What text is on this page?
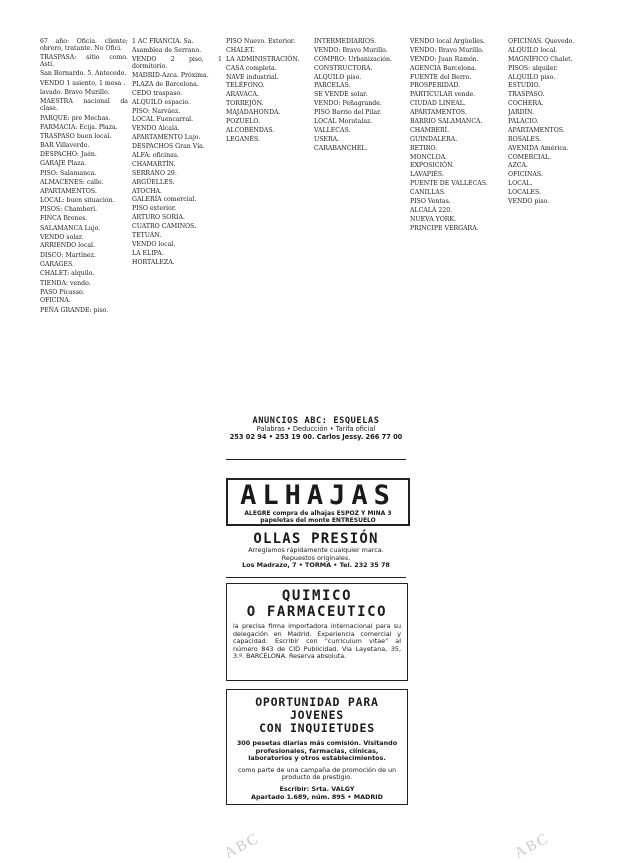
67 año: Oficia. cliente; obrero, tratante. No Ofici.

TRASPASA: sitio como. Asti.

San Bernardo. 5. Antecede.

VENDO 1 asiento, 1 mesa .

lavado. Bravo Murillo.

MAESTRA nacional da clase.

PARQUE: pre Mechas.

FARMACIA: Ecija. Plaza.

TRASPASO buen local.

BAR Villaverde.

DESPACHO: Jaén.

GARAJE Plaza.

PISO: Salamanca.

ALMACENES: calle.

APARTAMENTOS.

LOCAL: buen situación.

PISOS: Chamberí.

FINCA Brenes.

SALAMANCA Lujo.

VENDO solar.

ARRIENDO local.

DISCO: Martínez.

GARAGES.

CHALET: alquilo.

TIENDA: vendo.

PASO Picasso.

OFICINA.

PEÑA GRANDE: piso.

1 AC FRANCIA. Sa.

Asamblea de Serrano.

VENDO 2 piso, 1 dormitorio.

MADRID-Azca. Próxima.

PLAZA de Barcelona.

CEDO traspaso.

ALQUILO espacio.

PISO: Narváez.

LOCAL Fuencarral.

VENDO Alcalá.

APARTAMENTO Lujo.

DESPACHOS Gran Vía.

ALFA: oficinas.

CHAMARTÍN.

SERRANO 29.

ARGÜELLES.

ATOCHA.

GALERÍA comercial.

PISO exterior.

ARTURO SORIA.

CUATRO CAMINOS.

TETUÁN.

VENDO local.

LA ELIPA.

HORTALEZA.

PISO Nuevo. Exterior.

CHALET.

LA ADMINISTRACIÓN.

CASA completa.

NAVE industrial.

TELÉFONO.

ARAVACA.

TORREJÓN.

MAJADAHONDA.

POZUELO.

ALCOBENDAS.

LEGANÉS.

INTERMEDIARIOS.

VENDO: Bravo Murillo.

COMPRO: Urbanización.

CONSTRUCTORA.

ALQUILO piso.

PARCELAS.

SE VENDE solar.

VENDO: Peñagrande.

PISO Barrio del Pilar.

LOCAL Moratalaz.

VALLECAS.

USERA.

CARABANCHEL.

VENDO local Argüelles.

VENDO: Bravo Murillo.

VENDO: Juan Ramón.

AGENCIA Barcelona.

FUENTE del Berro.

PROSPERIDAD.

PARTICULAR vende.

CIUDAD LINEAL.

APARTAMENTOS.

BARRIO SALAMANCA.

CHAMBERÍ.

GUINDALERA.

RETIRO.

MONCLOA.

EXPOSICIÓN.

LAVAPIÉS.

PUENTE DE VALLECAS.

CANILLAS.

PISO Ventas.

ALCALÁ 220.

NUEVA YORK.

PRINCIPE VERGARA.

OFICINAS. Quevedo.

ALQUILO local.

MAGNÍFICO Chalet.

PISOS: alquiler.

ALQUILO piso.

ESTUDIO.

TRASPASO.

COCHERA.

JARDÍN.

PALACIO.

APARTAMENTOS.

ROSALES.

AVENIDA América.

COMERCIAL.

AZCA.

OFICINAS.

LOCAL.

LOCALES.

VENDO piso.

ANUNCIOS ABC: ESQUELAS
Palabras • Deducción • Tarifa oficial
253 02 94 • 253 19 00. Carlos Jessy. 266 77 00
ALHAJAS
ALEGRE compra de alhajas ESPOZ Y MINA 3
papeletas del monte ENTRESUELO
OLLAS PRESIÓN
Arreglamos rápidamente cualquier marca.
Repuestos originales.
Los Madrazo, 7 • TORMA • Tel. 232 35 78
QUIMICO
O FARMACEUTICO
la precisa firma importadora internacional para su delegación en Madrid. Experiencia comercial y capacidad. Escribir con "curriculum vitae" al número 843 de CID Publicidad. Via Layetana, 35, 3.º. BARCELONA. Reserva absoluta.
OPORTUNIDAD PARA JOVENES
CON INQUIETUDES
300 pesetas diarias más comisión. Visitando profesionales, farmacias, clínicas, laboratorios y otros establecimientos.
como parte de una campaña de promoción de un producto de prestigio.
Escribir: Srta. VALGY
Apartado 1.689, núm. 895 • MADRID
ABC	ABC
